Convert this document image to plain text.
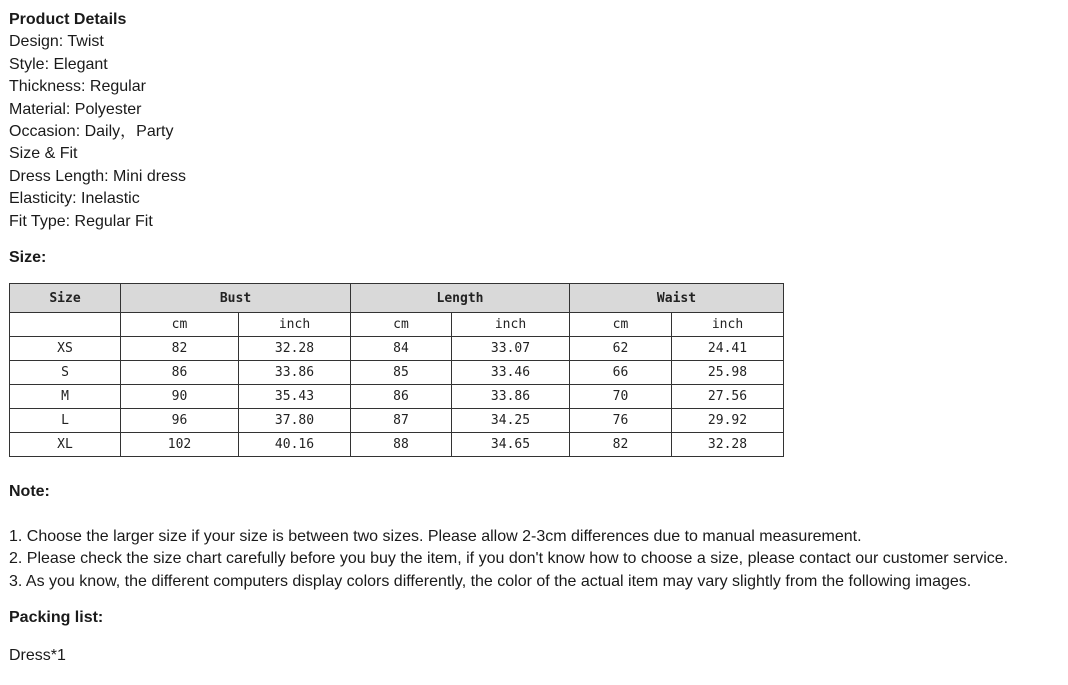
Product Details
Design: Twist
Style: Elegant
Thickness: Regular
Material: Polyester
Occasion: Daily，Party
Size & Fit
Dress Length: Mini dress
Elasticity: Inelastic
Fit Type: Regular Fit
Size:
Size	Bust		Length		Waist	
	cm	inch	cm	inch	cm	inch
XS	82	32.28	84	33.07	62	24.41
S	86	33.86	85	33.46	66	25.98
M	90	35.43	86	33.86	70	27.56
L	96	37.80	87	34.25	76	29.92
XL	102	40.16	88	34.65	82	32.28
Note:
1. Choose the larger size if your size is between two sizes. Please allow 2-3cm differences due to manual measurement.
2. Please check the size chart carefully before you buy the item, if you don't know how to choose a size, please contact our customer service.
3. As you know, the different computers display colors differently, the color of the actual item may vary slightly from the following images.
Packing list:
Dress*1
